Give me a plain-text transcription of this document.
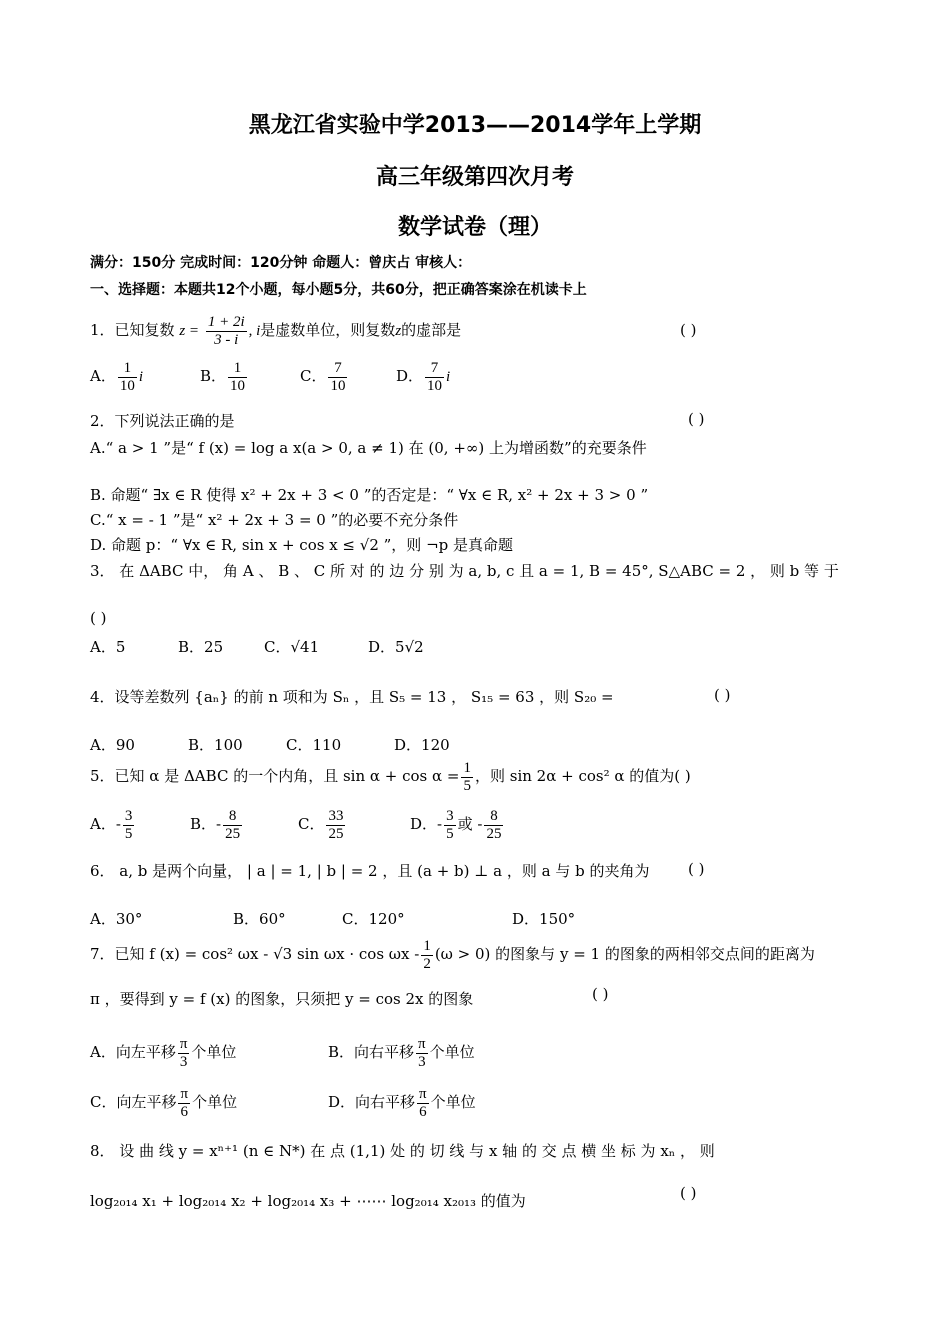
黑龙江省实验中学2013——2014学年上学期
高三年级第四次月考
数学试卷（理）
满分：150分 完成时间：120分钟 命题人：曾庆占 审核人：
一、选择题：本题共12个小题，每小题5分，共60分，把正确答案涂在机读卡上
1．已知复数 $z = \frac{1 + 2i}{3 - i}$ , i是虚数单位，则复数z的虚部是	( )
A． $\frac{1}{10}$ i	B． $\frac{1}{10}$	C． $\frac{7}{10}$	D． $\frac{7}{10}$ i
2．下列说法正确的是	( )
A.“ a > 1 ”是“ f (x) = log a x(a > 0, a ≠ 1) 在 (0, +∞) 上为增函数”的充要条件
B. 命题“ ∃x ∈ R 使得 x² + 2x + 3 < 0 ”的否定是：“ ∀x ∈ R, x² + 2x + 3 > 0 ”
C.“ x = - 1 ”是“ x² + 2x + 3 = 0 ”的必要不充分条件
D. 命题 p：“ ∀x ∈ R, sin x + cos x ≤ √2 ”，则 ¬p 是真命题
3． 在 ΔABC 中， 角 A 、 B 、 C 所 对 的 边 分 别 为 a, b, c 且 a = 1, B = 45°, S△ABC = 2 ， 则 b 等 于
( )
A．5	B．25	C．√41	D．5√2
4．设等差数列 {aₙ} 的前 n 项和为 Sₙ ，且 S₅ = 13 ， S₁₅ = 63 ，则 S₂₀ =	( )
A．90	B．100	C．110	D．120
5．已知 α 是 ΔABC 的一个内角，且 $\sin \alpha + \cos \alpha = \frac{1}{5}$ ，则 sin 2α + cos² α 的值为( )
A．- $\frac{3}{5}$	B．- $\frac{8}{25}$	C． $\frac{33}{25}$	D．- $\frac{3}{5}$ 或 - $\frac{8}{25}$
6． a, b 是两个向量， | a | = 1, | b | = 2 ，且 (a + b) ⊥ a ，则 a 与 b 的夹角为	( )
A．30°	B．60°	C．120°	D．150°
7．已知 f (x) = cos² ωx - √3 $\sin \omega x \cdot \cos \omega x - \frac{1}{2} (\omega > 0)$ 的图象与 y = 1 的图象的两相邻交点间的距离为
π ，要得到 y = f (x) 的图象，只须把 y = cos 2x 的图象	( )
A．向左平移 $\frac{\pi}{3}$ 个单位	B．向右平移 $\frac{\pi}{3}$ 个单位
C．向左平移 $\frac{\pi}{6}$ 个单位	D．向右平移 $\frac{\pi}{6}$ 个单位
8． 设 曲 线 y = xⁿ⁺¹ (n ∈ N*) 在 点 (1,1) 处 的 切 线 与 x 轴 的 交 点 横 坐 标 为 xₙ ， 则
log₂₀₁₄ x₁ + log₂₀₁₄ x₂ + log₂₀₁₄ x₃ + ⋯⋯ log₂₀₁₄ x₂₀₁₃ 的值为	( )
